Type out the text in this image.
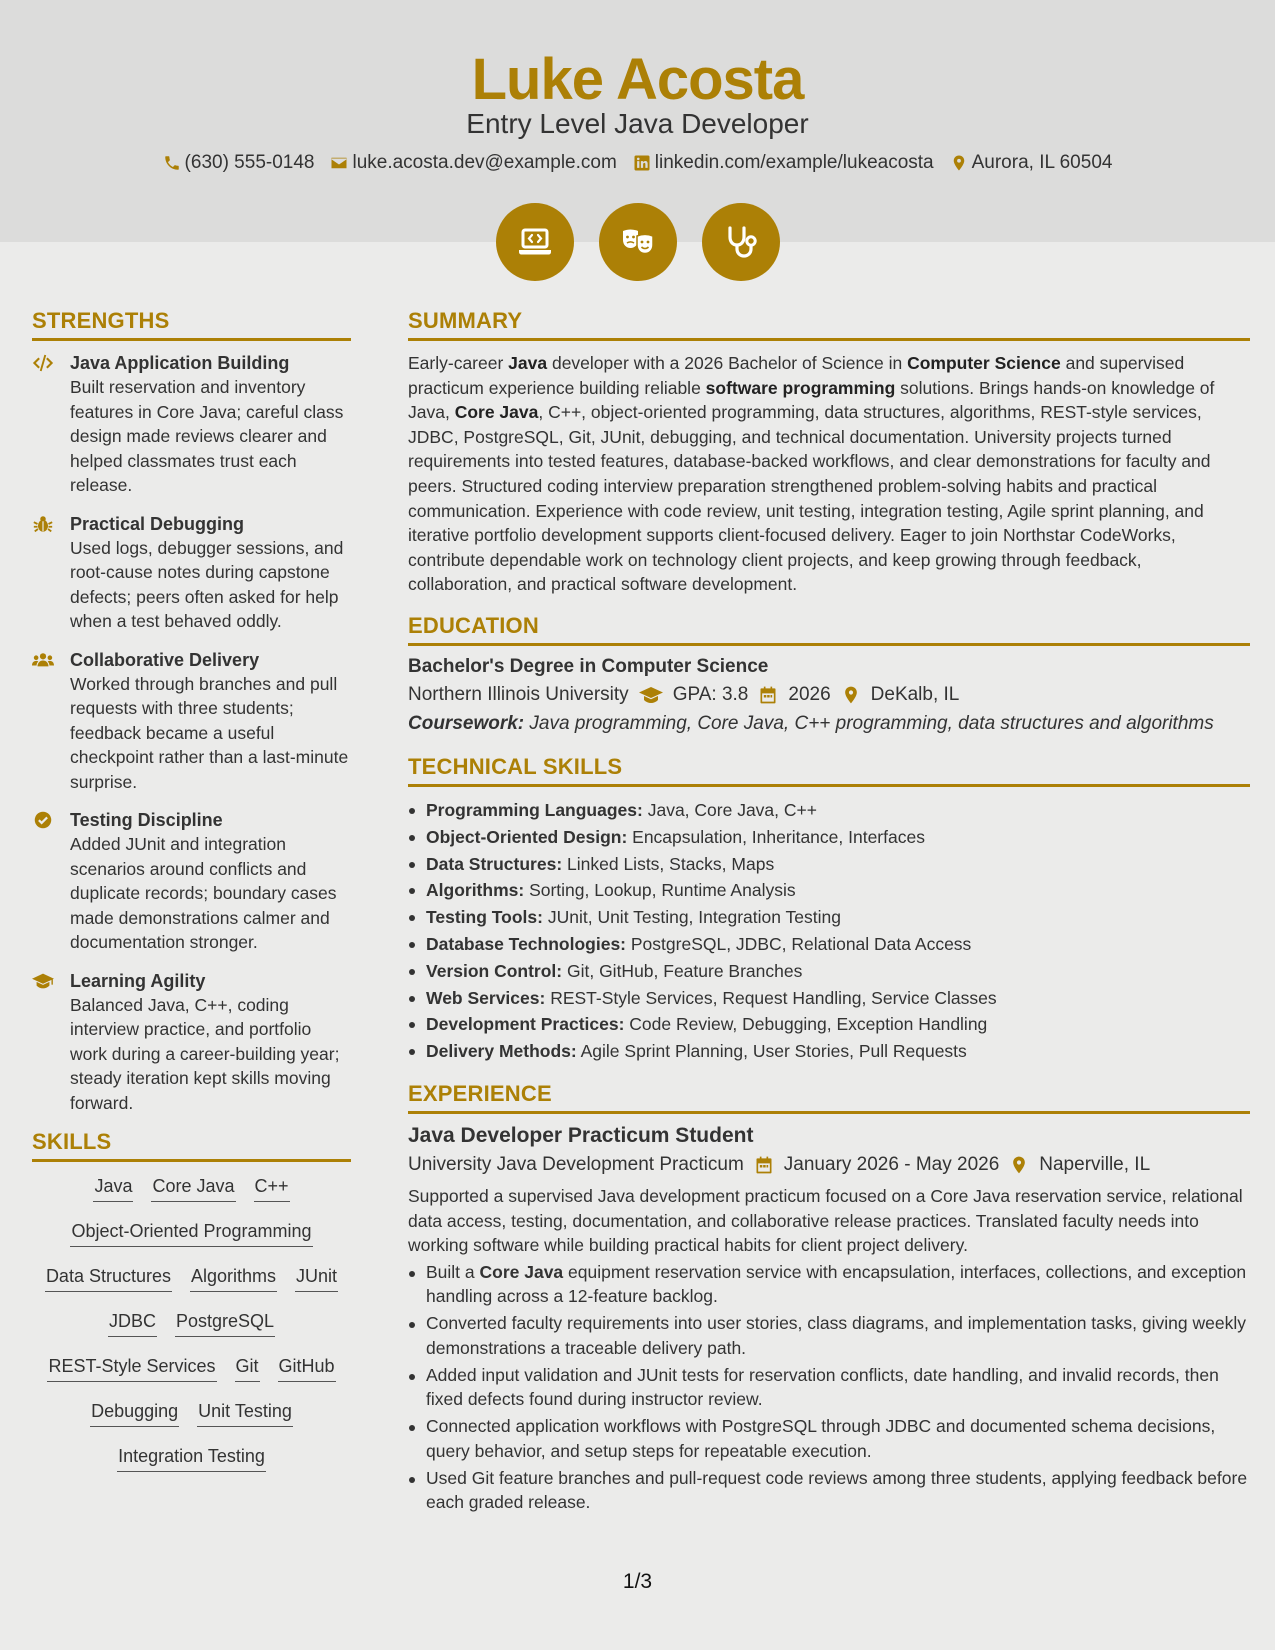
Luke Acosta
Entry Level Java Developer
(630) 555-0148 luke.acosta.dev@example.com linkedin.com/example/lukeacosta Aurora, IL 60504
STRENGTHS
Java Application Building
Built reservation and inventory features in Core Java; careful class design made reviews clearer and helped classmates trust each release.
Practical Debugging
Used logs, debugger sessions, and root-cause notes during capstone defects; peers often asked for help when a test behaved oddly.
Collaborative Delivery
Worked through branches and pull requests with three students; feedback became a useful checkpoint rather than a last-minute surprise.
Testing Discipline
Added JUnit and integration scenarios around conflicts and duplicate records; boundary cases made demonstrations calmer and documentation stronger.
Learning Agility
Balanced Java, C++, coding interview practice, and portfolio work during a career-building year; steady iteration kept skills moving forward.
SKILLS
Java Core Java C++
Object-Oriented Programming
Data Structures Algorithms JUnit
JDBC PostgreSQL
REST-Style Services Git GitHub
Debugging Unit Testing
Integration Testing
SUMMARY
Early-career Java developer with a 2026 Bachelor of Science in Computer Science and supervised practicum experience building reliable software programming solutions. Brings hands-on knowledge of Java, Core Java, C++, object-oriented programming, data structures, algorithms, REST-style services, JDBC, PostgreSQL, Git, JUnit, debugging, and technical documentation. University projects turned requirements into tested features, database-backed workflows, and clear demonstrations for faculty and peers. Structured coding interview preparation strengthened problem-solving habits and practical communication. Experience with code review, unit testing, integration testing, Agile sprint planning, and iterative portfolio development supports client-focused delivery. Eager to join Northstar CodeWorks, contribute dependable work on technology client projects, and keep growing through feedback, collaboration, and practical software development.
EDUCATION
Bachelor's Degree in Computer Science
Northern Illinois University GPA: 3.8 2026 DeKalb, IL
Coursework: Java programming, Core Java, C++ programming, data structures and algorithms
TECHNICAL SKILLS
Programming Languages: Java, Core Java, C++
Object-Oriented Design: Encapsulation, Inheritance, Interfaces
Data Structures: Linked Lists, Stacks, Maps
Algorithms: Sorting, Lookup, Runtime Analysis
Testing Tools: JUnit, Unit Testing, Integration Testing
Database Technologies: PostgreSQL, JDBC, Relational Data Access
Version Control: Git, GitHub, Feature Branches
Web Services: REST-Style Services, Request Handling, Service Classes
Development Practices: Code Review, Debugging, Exception Handling
Delivery Methods: Agile Sprint Planning, User Stories, Pull Requests
EXPERIENCE
Java Developer Practicum Student
University Java Development Practicum January 2026 - May 2026 Naperville, IL
Supported a supervised Java development practicum focused on a Core Java reservation service, relational data access, testing, documentation, and collaborative release practices. Translated faculty needs into working software while building practical habits for client project delivery.
Built a Core Java equipment reservation service with encapsulation, interfaces, collections, and exception handling across a 12-feature backlog.
Converted faculty requirements into user stories, class diagrams, and implementation tasks, giving weekly demonstrations a traceable delivery path.
Added input validation and JUnit tests for reservation conflicts, date handling, and invalid records, then fixed defects found during instructor review.
Connected application workflows with PostgreSQL through JDBC and documented schema decisions, query behavior, and setup steps for repeatable execution.
Used Git feature branches and pull-request code reviews among three students, applying feedback before each graded release.
1/3
